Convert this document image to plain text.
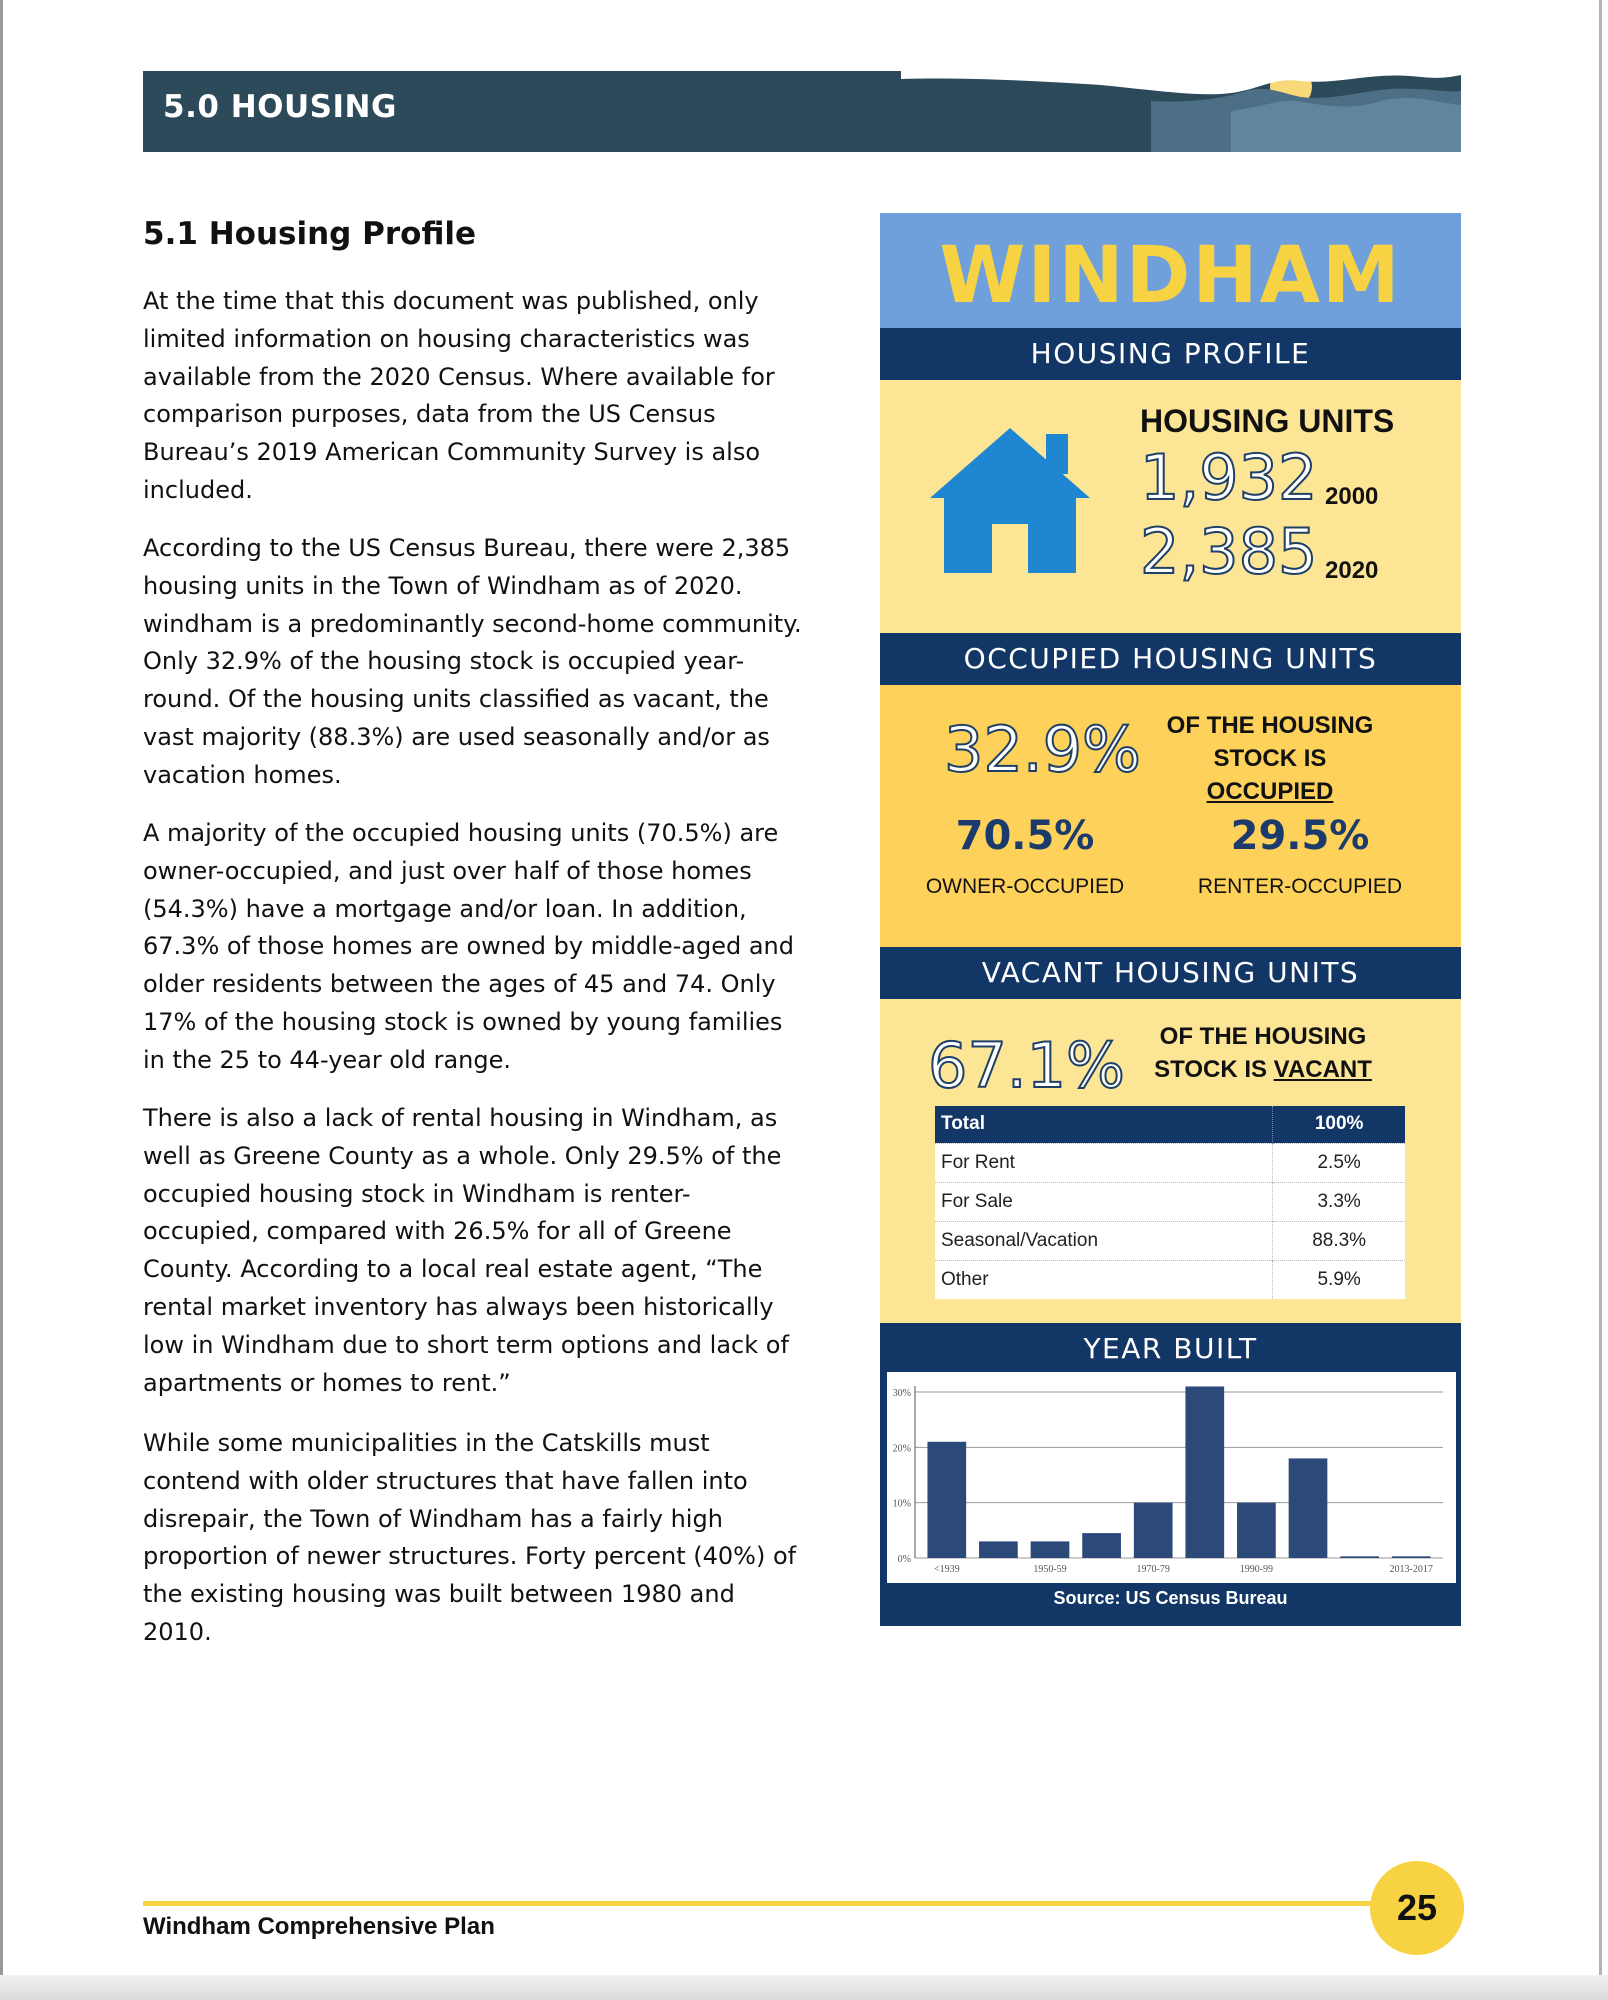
5.0 HOUSING
5.1 Housing Profile

At the time that this document was published, only limited information on housing characteristics was available from the 2020 Census. Where available for comparison purposes, data from the US Census Bureau’s 2019 American Community Survey is also included.

According to the US Census Bureau, there were 2,385 housing units in the Town of Windham as of 2020. windham is a predominantly second-home community. Only 32.9% of the housing stock is occupied year-round. Of the housing units classified as vacant, the vast majority (88.3%) are used seasonally and/or as vacation homes.

A majority of the occupied housing units (70.5%) are owner-occupied, and just over half of those homes (54.3%) have a mortgage and/or loan. In addition, 67.3% of those homes are owned by middle-aged and older residents between the ages of 45 and 74. Only 17% of the housing stock is owned by young families in the 25 to 44-year old range.

There is also a lack of rental housing in Windham, as well as Greene County as a whole. Only 29.5% of the occupied housing stock in Windham is renter-occupied, compared with 26.5% for all of Greene County. According to a local real estate agent, “The rental market inventory has always been historically low in Windham due to short term options and lack of apartments or homes to rent.”

While some municipalities in the Catskills must contend with older structures that have fallen into disrepair, the Town of Windham has a fairly high proportion of newer structures. Forty percent (40%) of the existing housing was built between 1980 and 2010.

WINDHAM
HOUSING PROFILE
HOUSING UNITS
1,932 2000
2,385 2020
OCCUPIED HOUSING UNITS
32.9%	OF THE HOUSING
STOCK IS OCCUPIED
70.5%	29.5%
OWNER-OCCUPIED	RENTER-OCCUPIED
VACANT HOUSING UNITS
67.1%	OF THE HOUSING
STOCK IS VACANT
Total	100%
For Rent	2.5%
For Sale	3.3%
Seasonal/Vacation	88.3%
Other	5.9%
YEAR BUILT
0%
10%
20%
30%
<1939	1950-59	1970-79	1990-99	2013-2017
Source: US Census Bureau
Windham Comprehensive Plan	25
